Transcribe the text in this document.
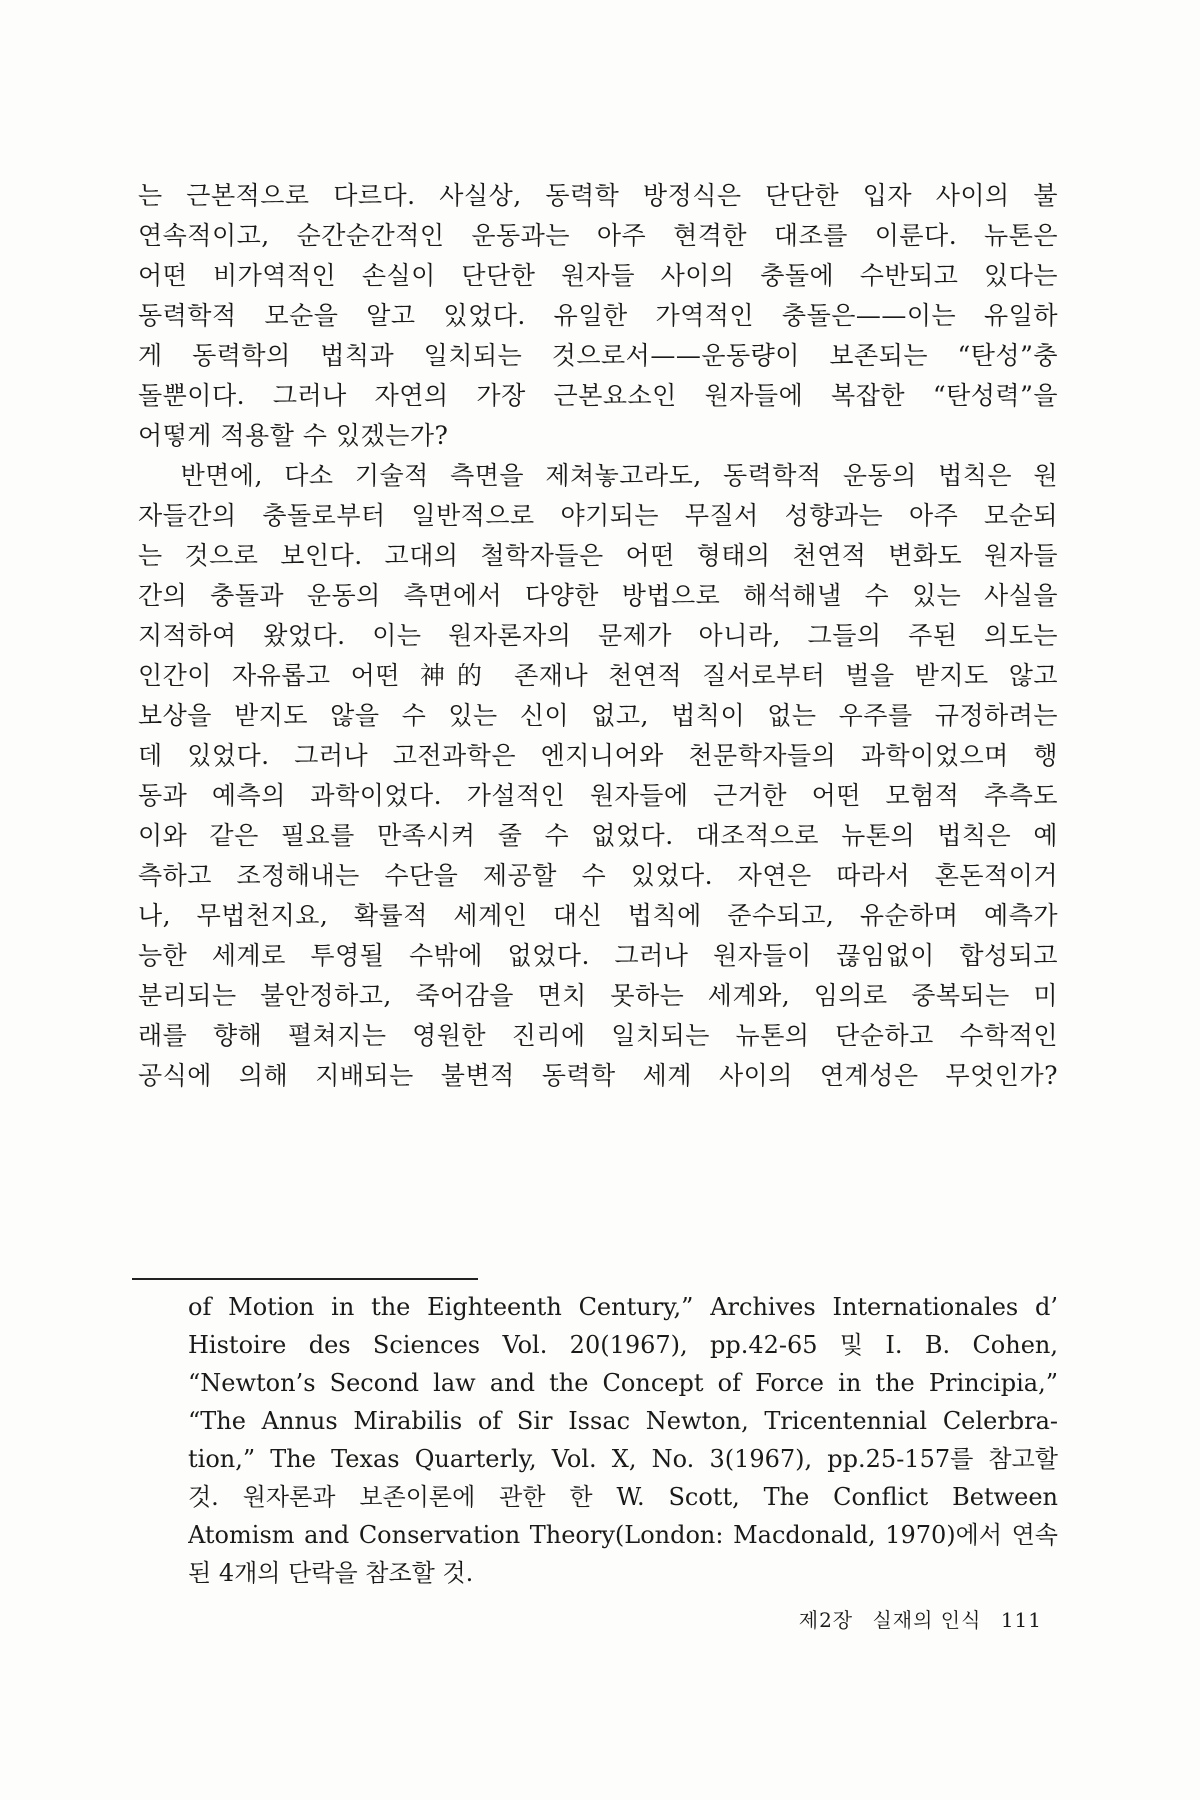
는 근본적으로 다르다. 사실상, 동력학 방정식은 단단한 입자 사이의 불
연속적이고, 순간순간적인 운동과는 아주 현격한 대조를 이룬다. 뉴톤은
어떤 비가역적인 손실이 단단한 원자들 사이의 충돌에 수반되고 있다는
동력학적 모순을 알고 있었다. 유일한 가역적인 충돌은——이는 유일하
게 동력학의 법칙과 일치되는 것으로서——운동량이 보존되는 “탄성”충
돌뿐이다. 그러나 자연의 가장 근본요소인 원자들에 복잡한 “탄성력”을
어떻게 적용할 수 있겠는가?
반면에, 다소 기술적 측면을 제쳐놓고라도, 동력학적 운동의 법칙은 원
자들간의 충돌로부터 일반적으로 야기되는 무질서 성향과는 아주 모순되
는 것으로 보인다. 고대의 철학자들은 어떤 형태의 천연적 변화도 원자들
간의 충돌과 운동의 측면에서 다양한 방법으로 해석해낼 수 있는 사실을
지적하여 왔었다. 이는 원자론자의 문제가 아니라, 그들의 주된 의도는
인간이 자유롭고 어떤 神的 존재나 천연적 질서로부터 벌을 받지도 않고
보상을 받지도 않을 수 있는 신이 없고, 법칙이 없는 우주를 규정하려는
데 있었다. 그러나 고전과학은 엔지니어와 천문학자들의 과학이었으며 행
동과 예측의 과학이었다. 가설적인 원자들에 근거한 어떤 모험적 추측도
이와 같은 필요를 만족시켜 줄 수 없었다. 대조적으로 뉴톤의 법칙은 예
측하고 조정해내는 수단을 제공할 수 있었다. 자연은 따라서 혼돈적이거
나, 무법천지요, 확률적 세계인 대신 법칙에 준수되고, 유순하며 예측가
능한 세계로 투영될 수밖에 없었다. 그러나 원자들이 끊임없이 합성되고
분리되는 불안정하고, 죽어감을 면치 못하는 세계와, 임의로 중복되는 미
래를 향해 펼쳐지는 영원한 진리에 일치되는 뉴톤의 단순하고 수학적인
공식에 의해 지배되는 불변적 동력학 세계 사이의 연계성은 무엇인가?
of Motion in the Eighteenth Century,” Archives Internationales d’
Histoire des Sciences Vol. 20(1967), pp.42-65 및 I. B. Cohen,
“Newton’s Second law and the Concept of Force in the Principia,”
“The Annus Mirabilis of Sir Issac Newton, Tricentennial Celerbra-
tion,” The Texas Quarterly, Vol. X, No. 3(1967), pp.25-157를 참고할
것. 원자론과 보존이론에 관한 한 W. Scott, The Conflict Between
Atomism and Conservation Theory(London: Macdonald, 1970)에서 연속
된 4개의 단락을 참조할 것.
제2장 실재의 인식 111
